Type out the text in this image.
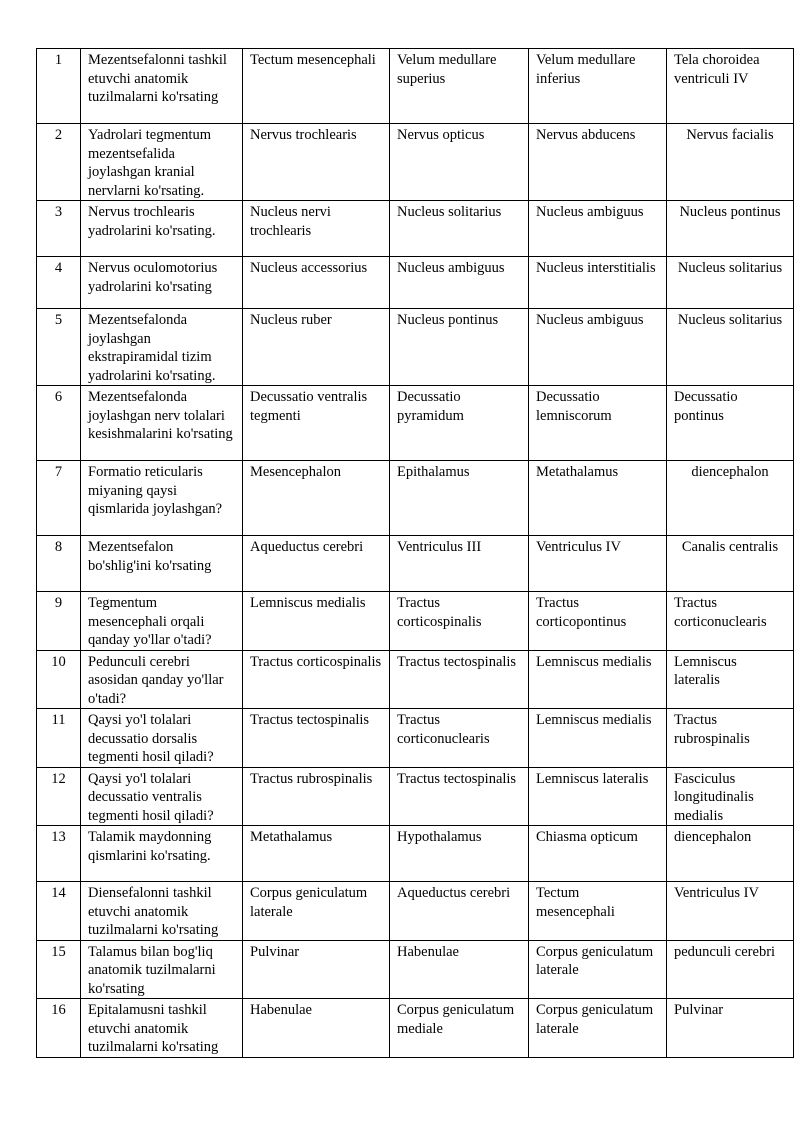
1	Mezentsefalonni tashkil etuvchi anatomik tuzilmalarni ko'rsating	Tectum mesencephali	Velum medullare superius	Velum medullare inferius	Tela choroidea ventriculi IV
2	Yadrolari tegmentum mezentsefalida joylashgan kranial nervlarni ko'rsating.	Nervus trochlearis	Nervus opticus	Nervus abducens	Nervus facialis
3	Nervus trochlearis yadrolarini ko'rsating.	Nucleus nervi trochlearis	Nucleus solitarius	Nucleus ambiguus	Nucleus pontinus
4	Nervus oculomotorius yadrolarini ko'rsating	Nucleus accessorius	Nucleus ambiguus	Nucleus interstitialis	Nucleus solitarius
5	Mezentsefalonda joylashgan ekstrapiramidal tizim yadrolarini ko'rsating.	Nucleus ruber	Nucleus pontinus	Nucleus ambiguus	Nucleus solitarius
6	Mezentsefalonda joylashgan nerv tolalari kesishmalarini ko'rsating	Decussatio ventralis tegmenti	Decussatio pyramidum	Decussatio lemniscorum	Decussatio pontinus
7	Formatio reticularis miyaning qaysi qismlarida joylashgan?	Mesencephalon	Epithalamus	Metathalamus	diencephalon
8	Mezentsefalon bo'shlig'ini ko'rsating	Aqueductus cerebri	Ventriculus III	Ventriculus IV	Canalis centralis
9	Tegmentum mesencephali orqali qanday yo'llar o'tadi?	Lemniscus medialis	Tractus corticospinalis	Tractus corticopontinus	Tractus corticonuclearis
10	Pedunculi cerebri asosidan qanday yo'llar o'tadi?	Tractus corticospinalis	Tractus tectospinalis	Lemniscus medialis	Lemniscus lateralis
11	Qaysi yo'l tolalari decussatio dorsalis tegmenti hosil qiladi?	Tractus tectospinalis	Tractus corticonuclearis	Lemniscus medialis	Tractus rubrospinalis
12	Qaysi yo'l tolalari decussatio ventralis tegmenti hosil qiladi?	Tractus rubrospinalis	Tractus tectospinalis	Lemniscus lateralis	Fasciculus longitudinalis medialis
13	Talamik maydonning qismlarini ko'rsating.	Metathalamus	Hypothalamus	Chiasma opticum	diencephalon
14	Diensefalonni tashkil etuvchi anatomik tuzilmalarni ko'rsating	Corpus geniculatum laterale	Aqueductus cerebri	Tectum mesencephali	Ventriculus IV
15	Talamus bilan bog'liq anatomik tuzilmalarni ko'rsating	Pulvinar	Habenulae	Corpus geniculatum laterale	pedunculi cerebri
16	Epitalamusni tashkil etuvchi anatomik tuzilmalarni ko'rsating	Habenulae	Corpus geniculatum mediale	Corpus geniculatum laterale	Pulvinar
